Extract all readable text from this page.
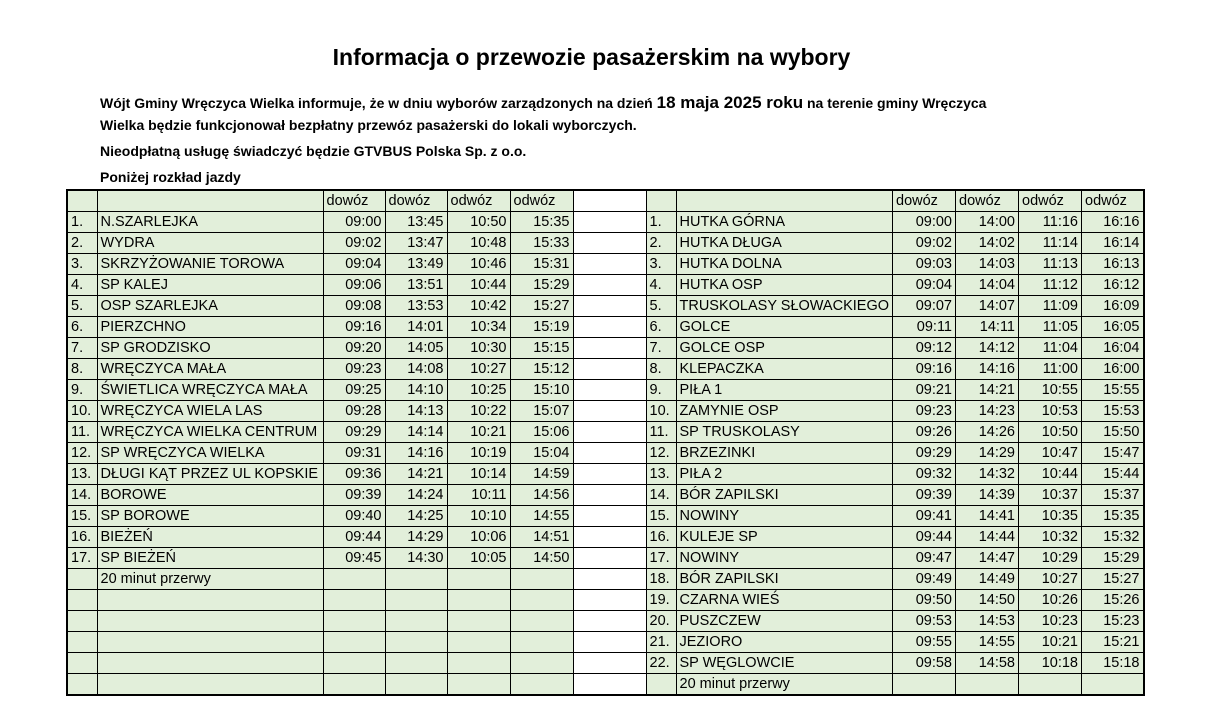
Informacja o przewozie pasażerskim na wybory
Wójt Gminy Wręczyca Wielka informuje, że w dniu wyborów zarządzonych na dzień 18 maja 2025 roku na terenie gminy Wręczyca
Wielka będzie funkcjonował bezpłatny przewóz pasażerski do lokali wyborczych.
Nieodpłatną usługę świadczyć będzie GTVBUS Polska Sp. z o.o.
Poniżej rozkład jazdy
		dowóz	dowóz	odwóz	odwóz				dowóz	dowóz	odwóz	odwóz
1.	N.SZARLEJKA	09:00	13:45	10:50	15:35		1.	HUTKA GÓRNA	09:00	14:00	11:16	16:16
2.	WYDRA	09:02	13:47	10:48	15:33		2.	HUTKA DŁUGA	09:02	14:02	11:14	16:14
3.	SKRZYŻOWANIE TOROWA	09:04	13:49	10:46	15:31		3.	HUTKA DOLNA	09:03	14:03	11:13	16:13
4.	SP KALEJ	09:06	13:51	10:44	15:29		4.	HUTKA OSP	09:04	14:04	11:12	16:12
5.	OSP SZARLEJKA	09:08	13:53	10:42	15:27		5.	TRUSKOLASY SŁOWACKIEGO	09:07	14:07	11:09	16:09
6.	PIERZCHNO	09:16	14:01	10:34	15:19		6.	GOLCE	09:11	14:11	11:05	16:05
7.	SP GRODZISKO	09:20	14:05	10:30	15:15		7.	GOLCE OSP	09:12	14:12	11:04	16:04
8.	WRĘCZYCA MAŁA	09:23	14:08	10:27	15:12		8.	KLEPACZKA	09:16	14:16	11:00	16:00
9.	ŚWIETLICA WRĘCZYCA MAŁA	09:25	14:10	10:25	15:10		9.	PIŁA 1	09:21	14:21	10:55	15:55
10.	WRĘCZYCA WIELA LAS	09:28	14:13	10:22	15:07		10.	ZAMYNIE OSP	09:23	14:23	10:53	15:53
11.	WRĘCZYCA WIELKA CENTRUM	09:29	14:14	10:21	15:06		11.	SP TRUSKOLASY	09:26	14:26	10:50	15:50
12.	SP WRĘCZYCA WIELKA	09:31	14:16	10:19	15:04		12.	BRZEZINKI	09:29	14:29	10:47	15:47
13.	DŁUGI KĄT PRZEZ UL KOPSKIE	09:36	14:21	10:14	14:59		13.	PIŁA 2	09:32	14:32	10:44	15:44
14.	BOROWE	09:39	14:24	10:11	14:56		14.	BÓR ZAPILSKI	09:39	14:39	10:37	15:37
15.	SP BOROWE	09:40	14:25	10:10	14:55		15.	NOWINY	09:41	14:41	10:35	15:35
16.	BIEŻEŃ	09:44	14:29	10:06	14:51		16.	KULEJE SP	09:44	14:44	10:32	15:32
17.	SP BIEŻEŃ	09:45	14:30	10:05	14:50		17.	NOWINY	09:47	14:47	10:29	15:29
	20 minut przerwy						18.	BÓR ZAPILSKI	09:49	14:49	10:27	15:27
							19.	CZARNA WIEŚ	09:50	14:50	10:26	15:26
							20.	PUSZCZEW	09:53	14:53	10:23	15:23
							21.	JEZIORO	09:55	14:55	10:21	15:21
							22.	SP WĘGLOWCIE	09:58	14:58	10:18	15:18
								20 minut przerwy				
